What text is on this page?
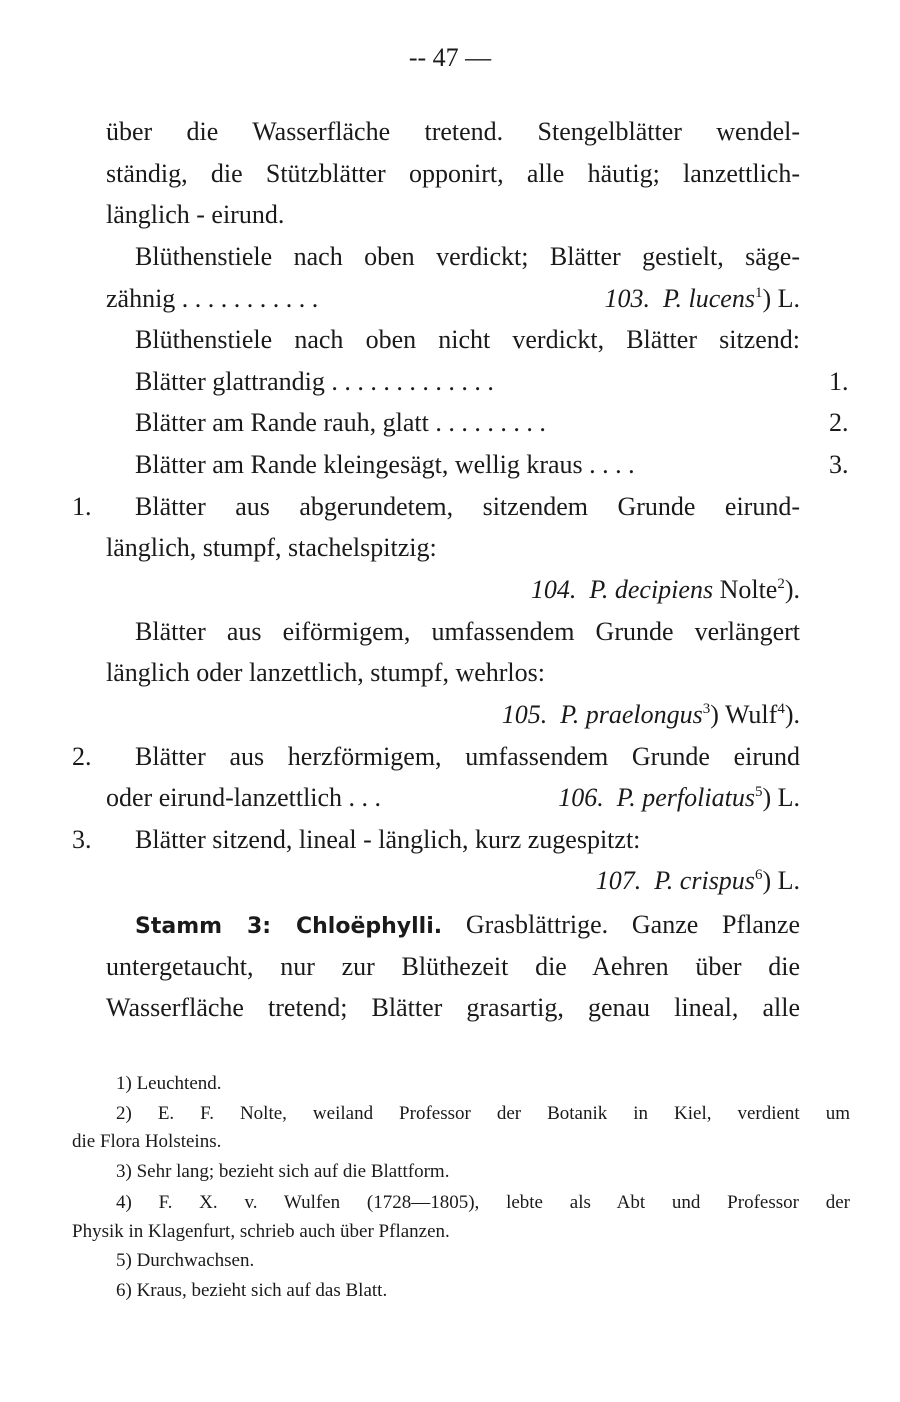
-- 47 —
über die Wasserfläche tretend. Stengelblätter wendel-
ständig, die Stützblätter opponirt, alle häutig; lanzettlich-
länglich - eirund.
Blüthenstiele nach oben verdickt; Blätter gestielt, säge-
zähnig . . . . . . . . . . .	103. P. lucens$^1$) L.
Blüthenstiele nach oben nicht verdickt, Blätter sitzend:
Blätter glattrandig . . . . . . . . . . . . .	1.
Blätter am Rande rauh, glatt . . . . . . . . .	2.
Blätter am Rande kleingesägt, wellig kraus . . . .	3.
1. Blätter aus abgerundetem, sitzendem Grunde eirund-
länglich, stumpf, stachelspitzig:
104. P. decipiens Nolte$^2$).
Blätter aus eiförmigem, umfassendem Grunde verlängert
länglich oder lanzettlich, stumpf, wehrlos:
105. P. praelongus$^3$) Wulf$^4$).
2. Blätter aus herzförmigem, umfassendem Grunde eirund
oder eirund-lanzettlich . . .	106. P. perfoliatus$^5$) L.
3. Blätter sitzend, lineal - länglich, kurz zugespitzt:
107. P. crispus$^6$) L.
Stamm 3: Chloëphylli. Grasblättrige. Ganze Pflanze
untergetaucht, nur zur Blüthezeit die Aehren über die
Wasserfläche tretend; Blätter grasartig, genau lineal, alle
1) Leuchtend.
2) E. F. Nolte, weiland Professor der Botanik in Kiel, verdient um
die Flora Holsteins.
3) Sehr lang; bezieht sich auf die Blattform.
4) F. X. v. Wulfen (1728—1805), lebte als Abt und Professor der
Physik in Klagenfurt, schrieb auch über Pflanzen.
5) Durchwachsen.
6) Kraus, bezieht sich auf das Blatt.
